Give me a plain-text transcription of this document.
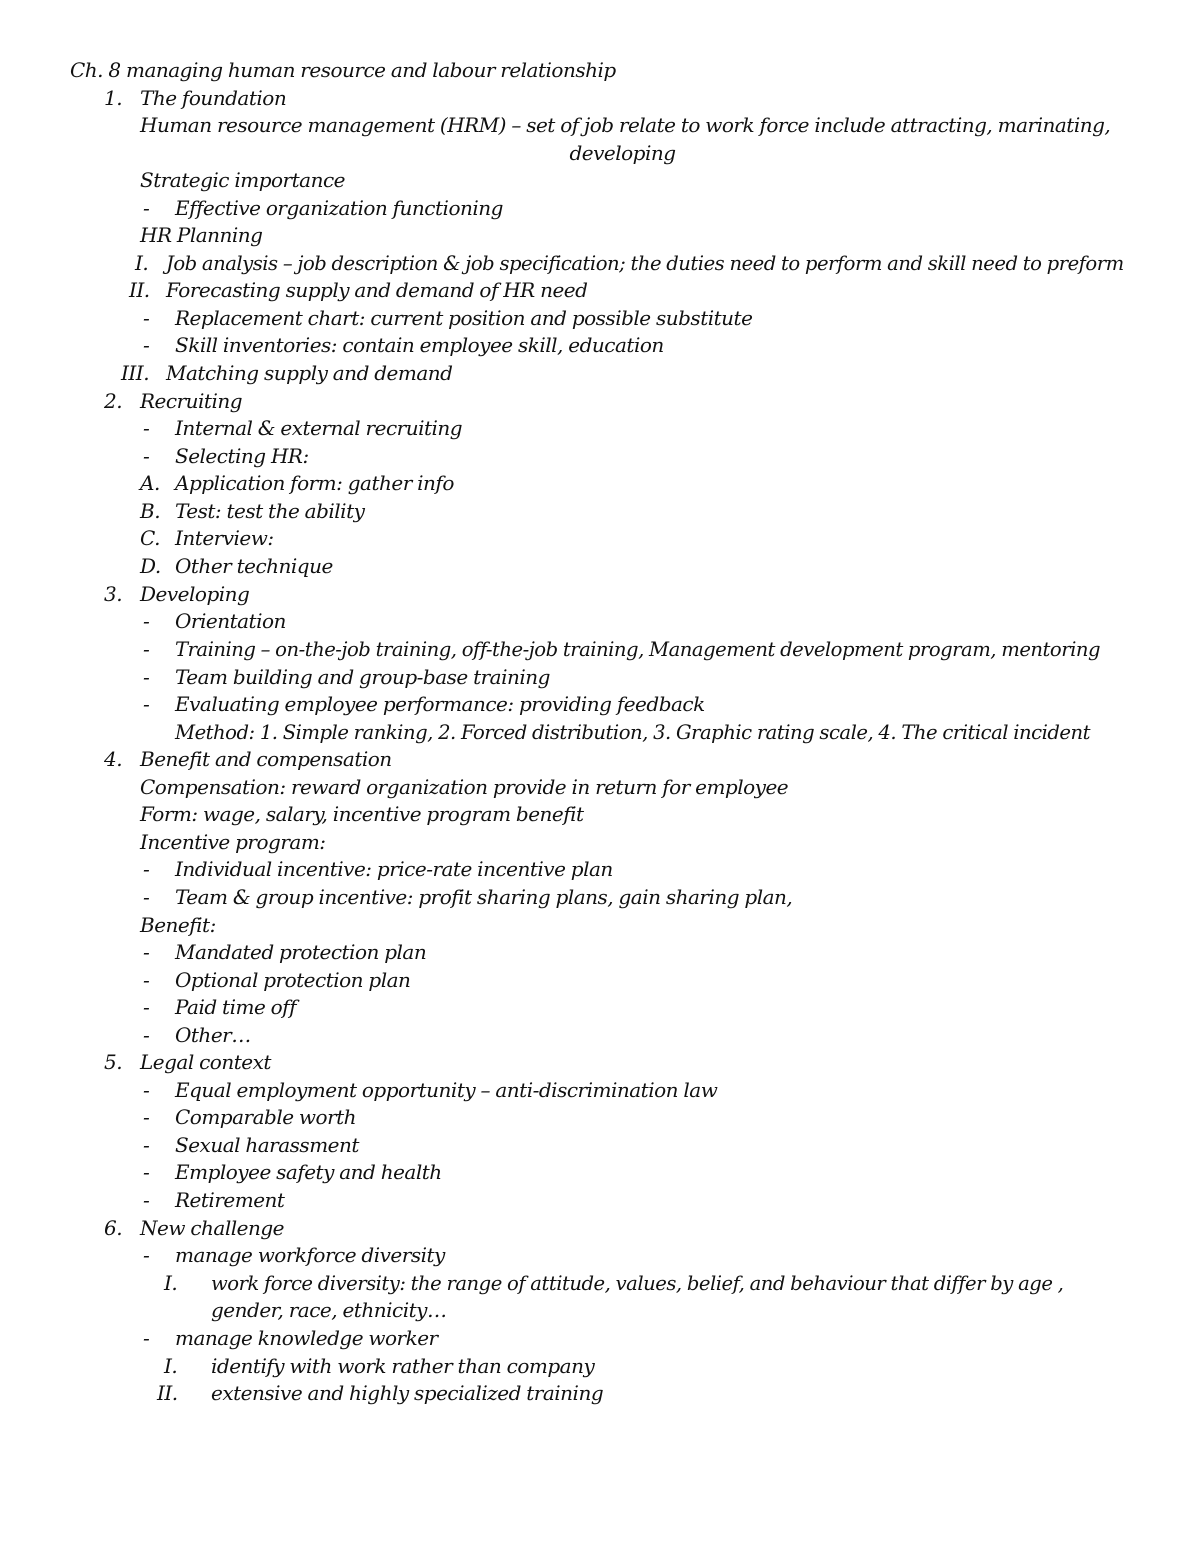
Ch. 8 managing human resource and labour relationship
1. The foundation
Human resource management (HRM) – set of job relate to work force include attracting, marinating,
developing
Strategic importance
- Effective organization functioning
HR Planning
I. Job analysis – job description & job specification; the duties need to perform and skill need to preform
II. Forecasting supply and demand of HR need
- Replacement chart: current position and possible substitute
- Skill inventories: contain employee skill, education
III. Matching supply and demand
2. Recruiting
- Internal & external recruiting
- Selecting HR:
A. Application form: gather info
B. Test: test the ability
C. Interview:
D. Other technique
3. Developing
- Orientation
- Training – on-the-job training, off-the-job training, Management development program, mentoring
- Team building and group-base training
- Evaluating employee performance: providing feedback
Method: 1. Simple ranking, 2. Forced distribution, 3. Graphic rating scale, 4. The critical incident
4. Benefit and compensation
Compensation: reward organization provide in return for employee
Form: wage, salary, incentive program benefit
Incentive program:
- Individual incentive: price-rate incentive plan
- Team & group incentive: profit sharing plans, gain sharing plan,
Benefit:
- Mandated protection plan
- Optional protection plan
- Paid time off
- Other…
5. Legal context
- Equal employment opportunity – anti-discrimination law
- Comparable worth
- Sexual harassment
- Employee safety and health
- Retirement
6. New challenge
- manage workforce diversity
I. work force diversity: the range of attitude, values, belief, and behaviour that differ by age ,
gender, race, ethnicity…
- manage knowledge worker
I. identify with work rather than company
II. extensive and highly specialized training
